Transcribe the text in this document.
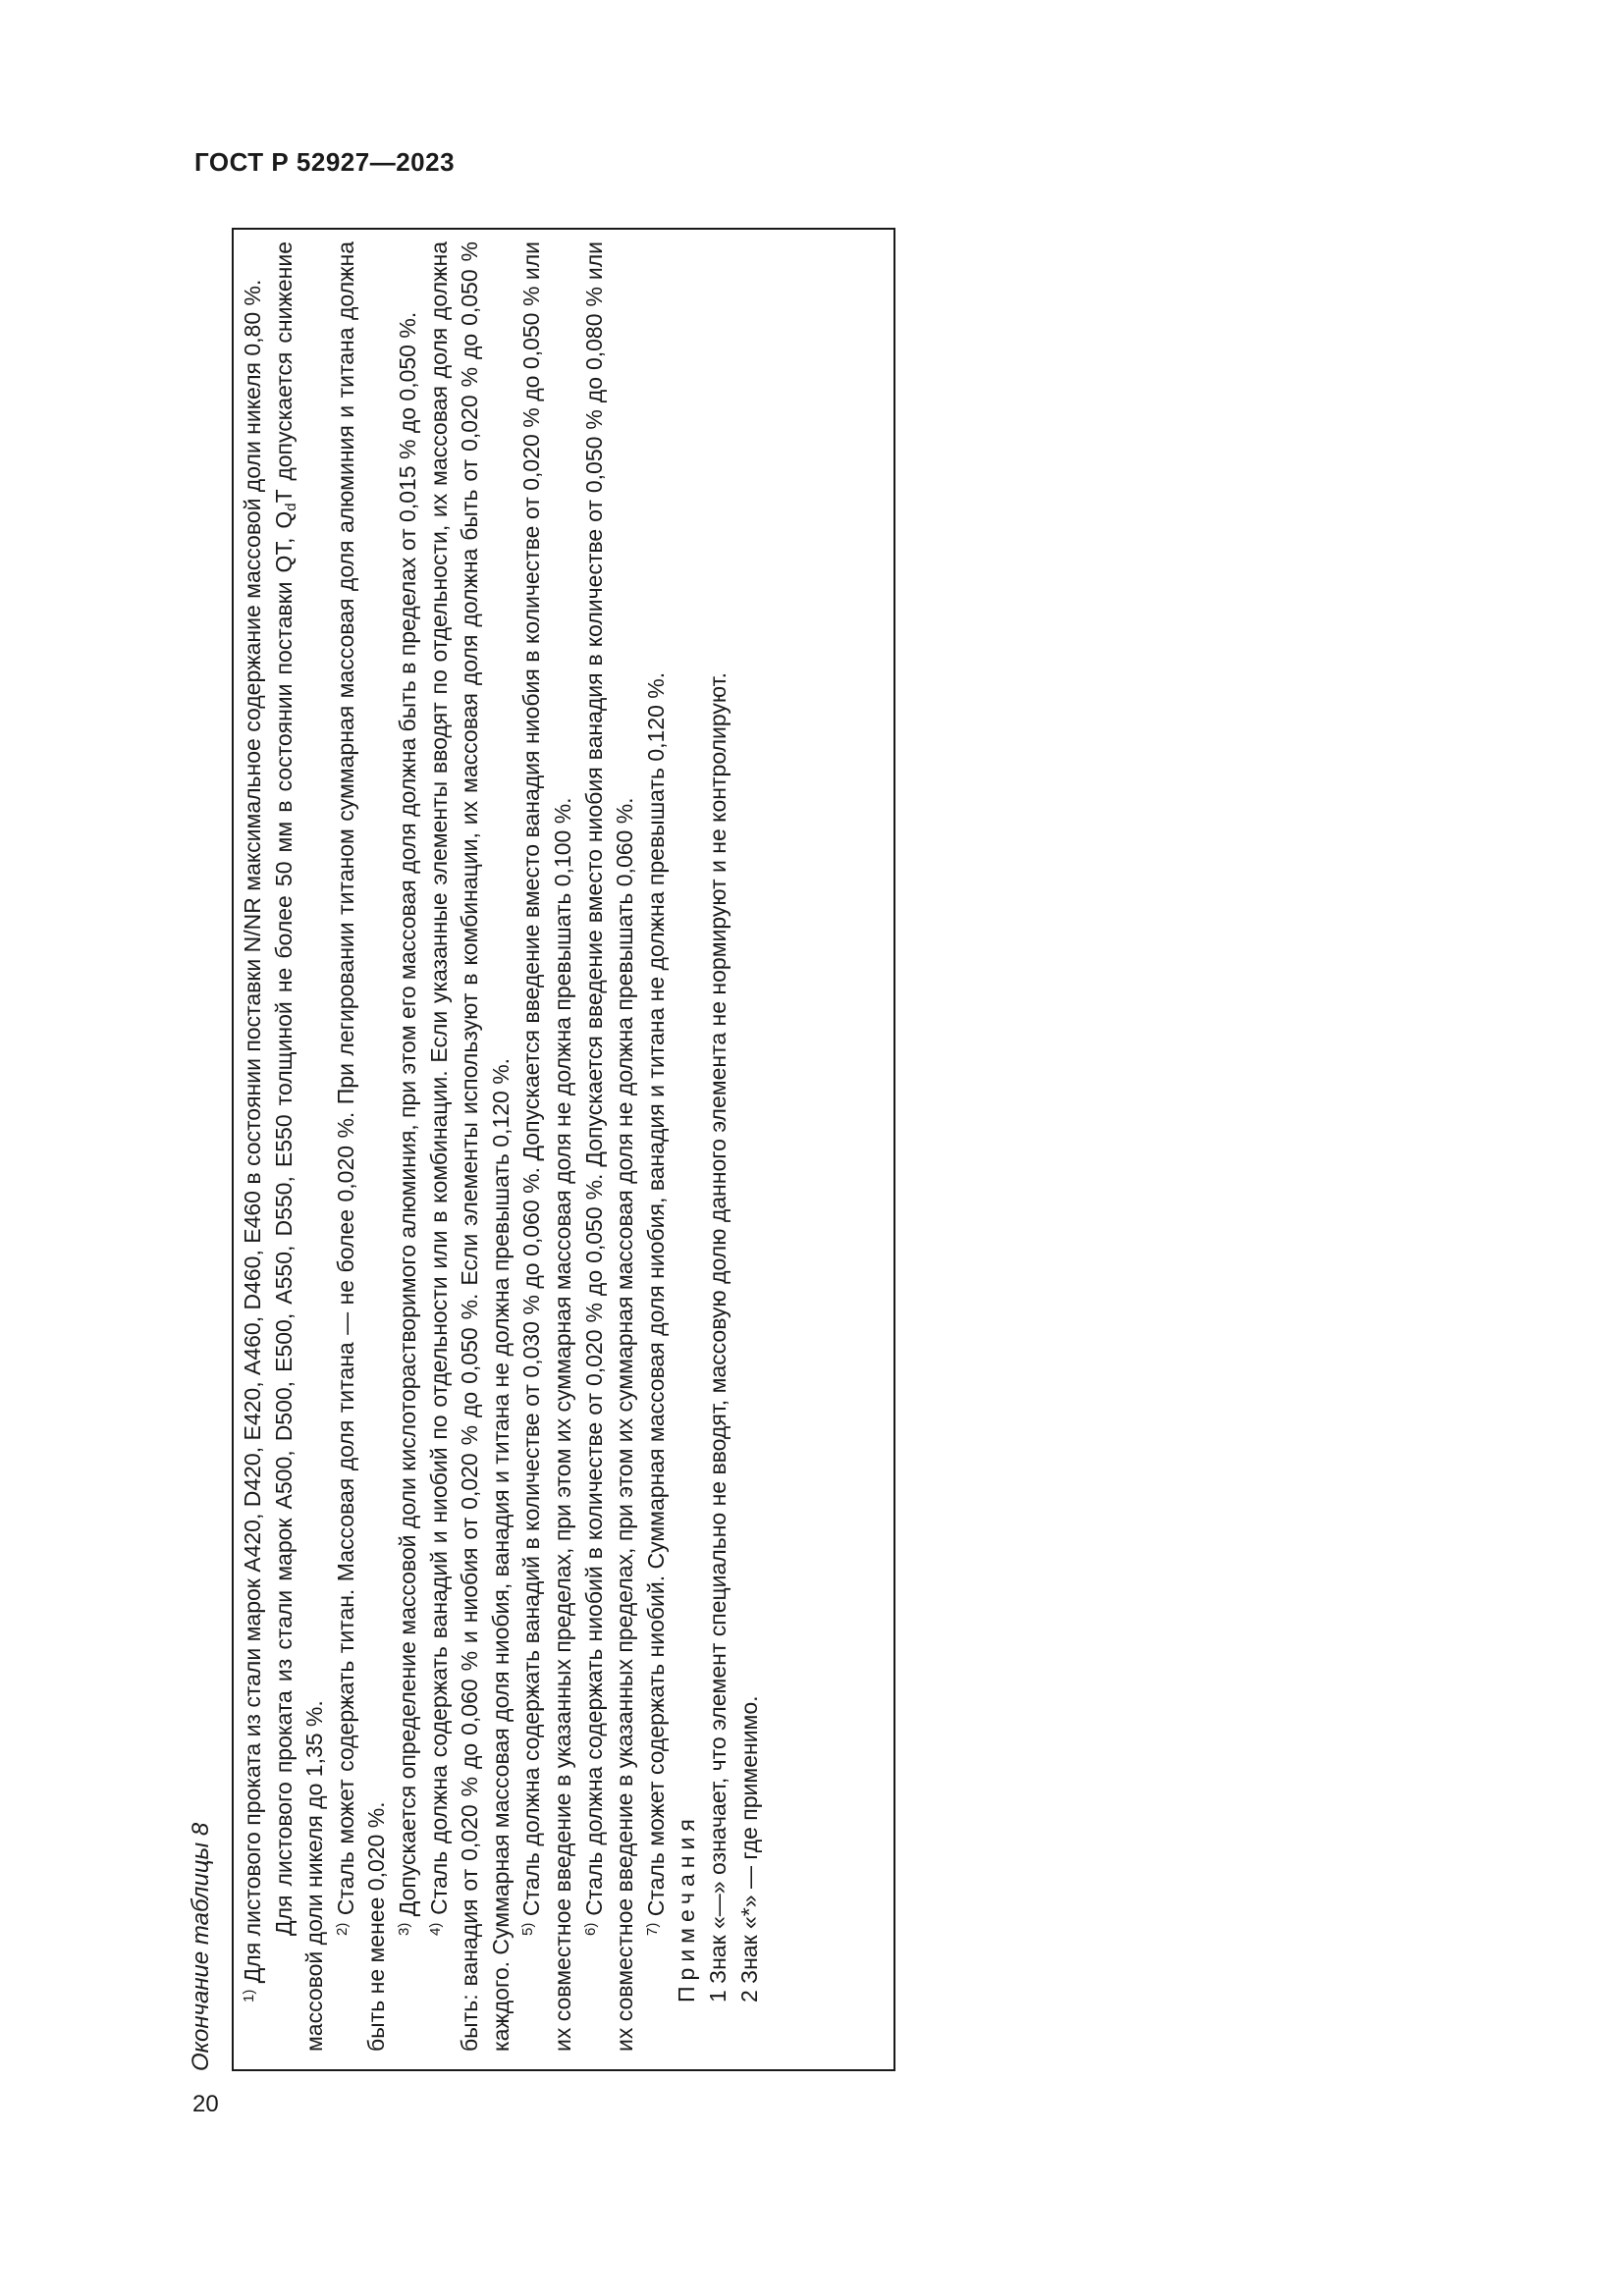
ГОСТ Р 52927—2023
Окончание таблицы 8 $^{1)}$ Для листового проката из стали марок А420, D420, Е420, А460, D460, Е460 в состоянии поставки N/NR максимальное содержание массовой доли никеля 0,80 %. Для листового проката из стали марок А500, D500, Е500, А550, D550, Е550 толщиной не более 50 мм в состоянии поставки QT, $Q_dT$ допускается снижение массовой доли никеля до 1,35 %. $^{2)}$ Сталь может содержать титан. Массовая доля титана — не более 0,020 %. При легировании титаном суммарная массовая доля алюминия и титана должна быть не менее 0,020 %. $^{3)}$ Допускается определение массовой доли кислоторастворимого алюминия, при этом его массовая доля должна быть в пределах от 0,015 % до 0,050 %.

$^{4)}$ Сталь должна содержать ванадий и ниобий по отдельности или в комбинации. Если указанные элементы вводят по отдельности, их массовая доля должна быть: ванадия от 0,020 % до 0,060 % и ниобия от 0,020 % до 0,050 %. Если элементы используют в комбинации, их массовая доля должна быть от 0,020 % до 0,050 % каждого. Суммарная массовая доля ниобия, ванадия и титана не должна превышать 0,120 %. $^{5)}$ Сталь должна содержать ванадий в количестве от 0,030 % до 0,060 %. Допускается введение вместо ванадия ниобия в количестве от 0,020 % до 0,050 % или их совместное введение в указанных пределах, при этом их суммарная массовая доля не должна превышать 0,100 %. $^{6)}$ Сталь должна содержать ниобий в количестве от 0,020 % до 0,050 %. Допускается введение вместо ниобия ванадия в количестве от 0,050 % до 0,080 % или их совместное введение в указанных пределах, при этом их суммарная массовая доля не должна превышать 0,060 %. $^{7)}$ Сталь может содержать ниобий. Суммарная массовая доля ниобия, ванадия и титана не должна превышать 0,120 %. Примечания 1 Знак «—» означает, что элемент специально не вводят, массовую долю данного элемента не нормируют и не контролируют. 2 Знак «*» — где применимо.

20
